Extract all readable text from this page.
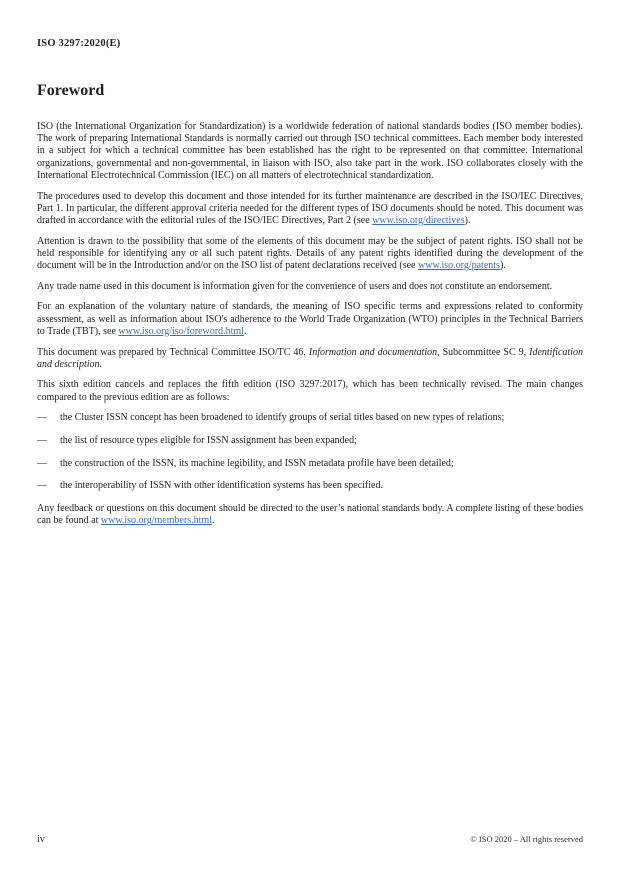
ISO 3297:2020(E)
Foreword
ISO (the International Organization for Standardization) is a worldwide federation of national standards bodies (ISO member bodies). The work of preparing International Standards is normally carried out through ISO technical committees. Each member body interested in a subject for which a technical committee has been established has the right to be represented on that committee. International organizations, governmental and non-governmental, in liaison with ISO, also take part in the work. ISO collaborates closely with the International Electrotechnical Commission (IEC) on all matters of electrotechnical standardization.
The procedures used to develop this document and those intended for its further maintenance are described in the ISO/IEC Directives, Part 1. In particular, the different approval criteria needed for the different types of ISO documents should be noted. This document was drafted in accordance with the editorial rules of the ISO/IEC Directives, Part 2 (see www.iso.org/directives).
Attention is drawn to the possibility that some of the elements of this document may be the subject of patent rights. ISO shall not be held responsible for identifying any or all such patent rights. Details of any patent rights identified during the development of the document will be in the Introduction and/or on the ISO list of patent declarations received (see www.iso.org/patents).
Any trade name used in this document is information given for the convenience of users and does not constitute an endorsement.
For an explanation of the voluntary nature of standards, the meaning of ISO specific terms and expressions related to conformity assessment, as well as information about ISO's adherence to the World Trade Organization (WTO) principles in the Technical Barriers to Trade (TBT), see www.iso.org/iso/foreword.html.
This document was prepared by Technical Committee ISO/TC 46, Information and documentation, Subcommittee SC 9, Identification and description.
This sixth edition cancels and replaces the fifth edition (ISO 3297:2017), which has been technically revised. The main changes compared to the previous edition are as follows:
—	the Cluster ISSN concept has been broadened to identify groups of serial titles based on new types of relations;
—	the list of resource types eligible for ISSN assignment has been expanded;
—	the construction of the ISSN, its machine legibility, and ISSN metadata profile have been detailed;
—	the interoperability of ISSN with other identification systems has been specified.
Any feedback or questions on this document should be directed to the user’s national standards body. A complete listing of these bodies can be found at www.iso.org/members.html.
iv	© ISO 2020 – All rights reserved
